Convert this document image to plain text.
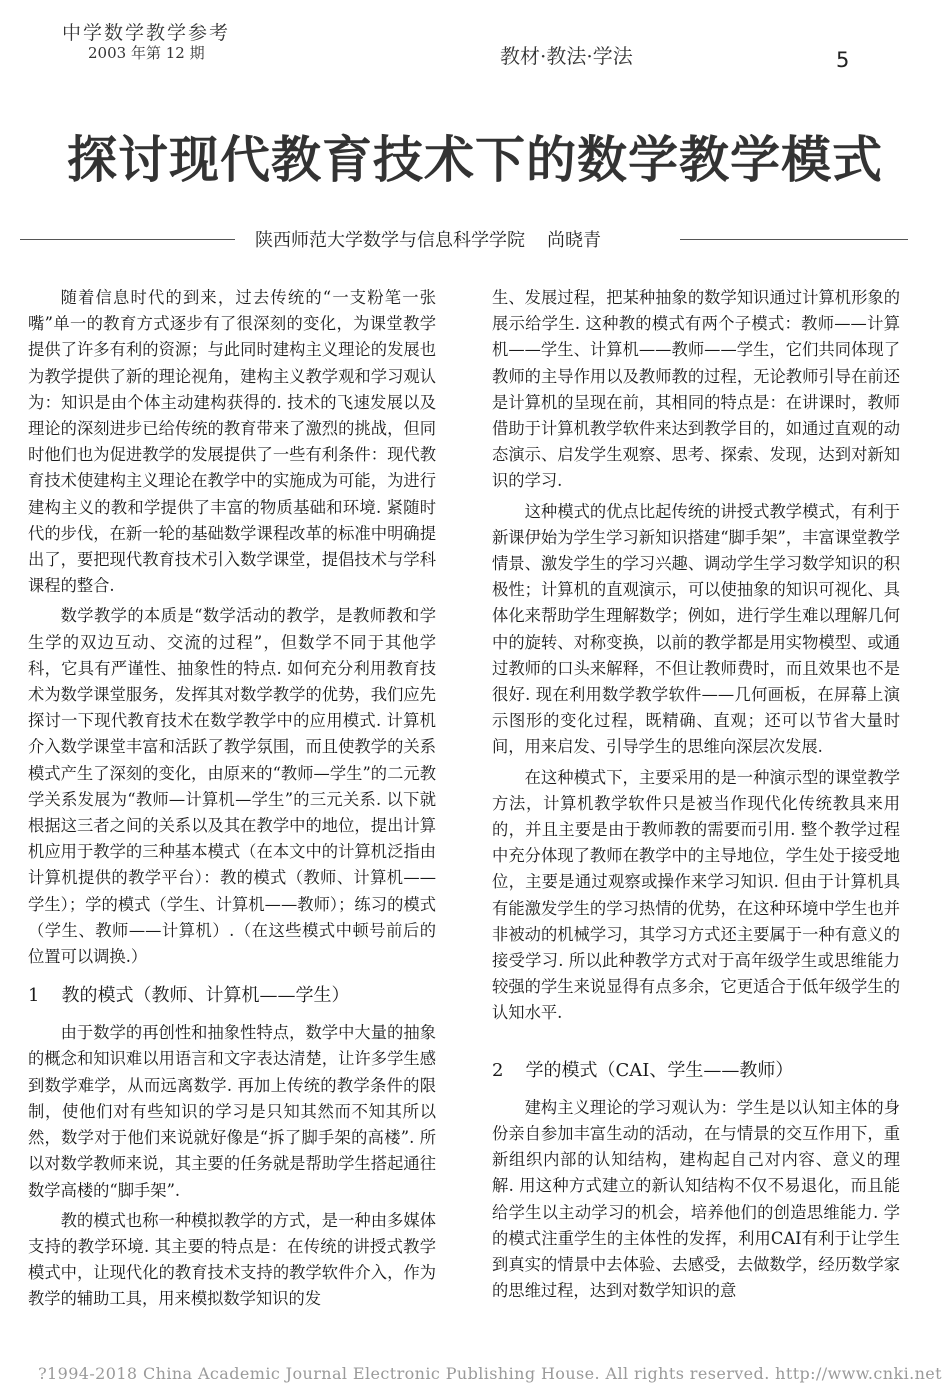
中学数学教学参考
2003 年第 12 期	教材·教法·学法	5
探讨现代教育技术下的数学教学模式
陕西师范大学数学与信息科学学院 尚晓青

随着信息时代的到来，过去传统的“一支粉笔一张嘴”单一的教育方式逐步有了很深刻的变化，为课堂教学提供了许多有利的资源；与此同时建构主义理论的发展也为教学提供了新的理论视角，建构主义教学观和学习观认为：知识是由个体主动建构获得的. 技术的飞速发展以及理论的深刻进步已给传统的教育带来了激烈的挑战，但同时他们也为促进教学的发展提供了一些有利条件：现代教育技术使建构主义理论在教学中的实施成为可能，为进行建构主义的教和学提供了丰富的物质基础和环境. 紧随时代的步伐，在新一轮的基础数学课程改革的标准中明确提出了，要把现代教育技术引入数学课堂，提倡技术与学科课程的整合.

数学教学的本质是“数学活动的教学，是教师教和学生学的双边互动、交流的过程”，但数学不同于其他学科，它具有严谨性、抽象性的特点. 如何充分利用教育技术为数学课堂服务，发挥其对数学教学的优势，我们应先探讨一下现代教育技术在数学教学中的应用模式. 计算机介入数学课堂丰富和活跃了教学氛围，而且使教学的关系模式产生了深刻的变化，由原来的“教师—学生”的二元教学关系发展为“教师—计算机—学生”的三元关系. 以下就根据这三者之间的关系以及其在教学中的地位，提出计算机应用于教学的三种基本模式（在本文中的计算机泛指由计算机提供的教学平台）：教的模式（教师、计算机——学生）；学的模式（学生、计算机——教师）；练习的模式（学生、教师——计算机）.（在这些模式中顿号前后的位置可以调换.）

1 教的模式（教师、计算机——学生）

由于数学的再创性和抽象性特点，数学中大量的抽象的概念和知识难以用语言和文字表达清楚，让许多学生感到数学难学，从而远离数学. 再加上传统的教学条件的限制，使他们对有些知识的学习是只知其然而不知其所以然，数学对于他们来说就好像是“拆了脚手架的高楼”. 所以对数学教师来说，其主要的任务就是帮助学生搭起通往数学高楼的“脚手架”.

教的模式也称一种模拟教学的方式，是一种由多媒体支持的教学环境. 其主要的特点是：在传统的讲授式教学模式中，让现代化的教育技术支持的教学软件介入，作为教学的辅助工具，用来模拟数学知识的发

生、发展过程，把某种抽象的数学知识通过计算机形象的展示给学生. 这种教的模式有两个子模式：教师——计算机——学生、计算机——教师——学生，它们共同体现了教师的主导作用以及教师教的过程，无论教师引导在前还是计算机的呈现在前，其相同的特点是：在讲课时，教师借助于计算机教学软件来达到教学目的，如通过直观的动态演示、启发学生观察、思考、探索、发现，达到对新知识的学习.

这种模式的优点比起传统的讲授式教学模式，有利于新课伊始为学生学习新知识搭建“脚手架”，丰富课堂教学情景、激发学生的学习兴趣、调动学生学习数学知识的积极性；计算机的直观演示，可以使抽象的知识可视化、具体化来帮助学生理解数学；例如，进行学生难以理解几何中的旋转、对称变换，以前的教学都是用实物模型、或通过教师的口头来解释，不但让教师费时，而且效果也不是很好. 现在利用数学教学软件——几何画板，在屏幕上演示图形的变化过程，既精确、直观；还可以节省大量时间，用来启发、引导学生的思维向深层次发展.

在这种模式下，主要采用的是一种演示型的课堂教学方法，计算机教学软件只是被当作现代化传统教具来用的，并且主要是由于教师教的需要而引用. 整个教学过程中充分体现了教师在教学中的主导地位，学生处于接受地位，主要是通过观察或操作来学习知识. 但由于计算机具有能激发学生的学习热情的优势，在这种环境中学生也并非被动的机械学习，其学习方式还主要属于一种有意义的接受学习. 所以此种教学方式对于高年级学生或思维能力较强的学生来说显得有点多余，它更适合于低年级学生的认知水平.

2 学的模式（CAI、学生——教师）

建构主义理论的学习观认为：学生是以认知主体的身份亲自参加丰富生动的活动，在与情景的交互作用下，重新组织内部的认知结构，建构起自己对内容、意义的理解. 用这种方式建立的新认知结构不仅不易退化，而且能给学生以主动学习的机会，培养他们的创造思维能力. 学的模式注重学生的主体性的发挥，利用CAI有利于让学生到真实的情景中去体验、去感受，去做数学，经历数学家的思维过程，达到对数学知识的意

?1994-2018 China Academic Journal Electronic Publishing House. All rights reserved. http://www.cnki.net
